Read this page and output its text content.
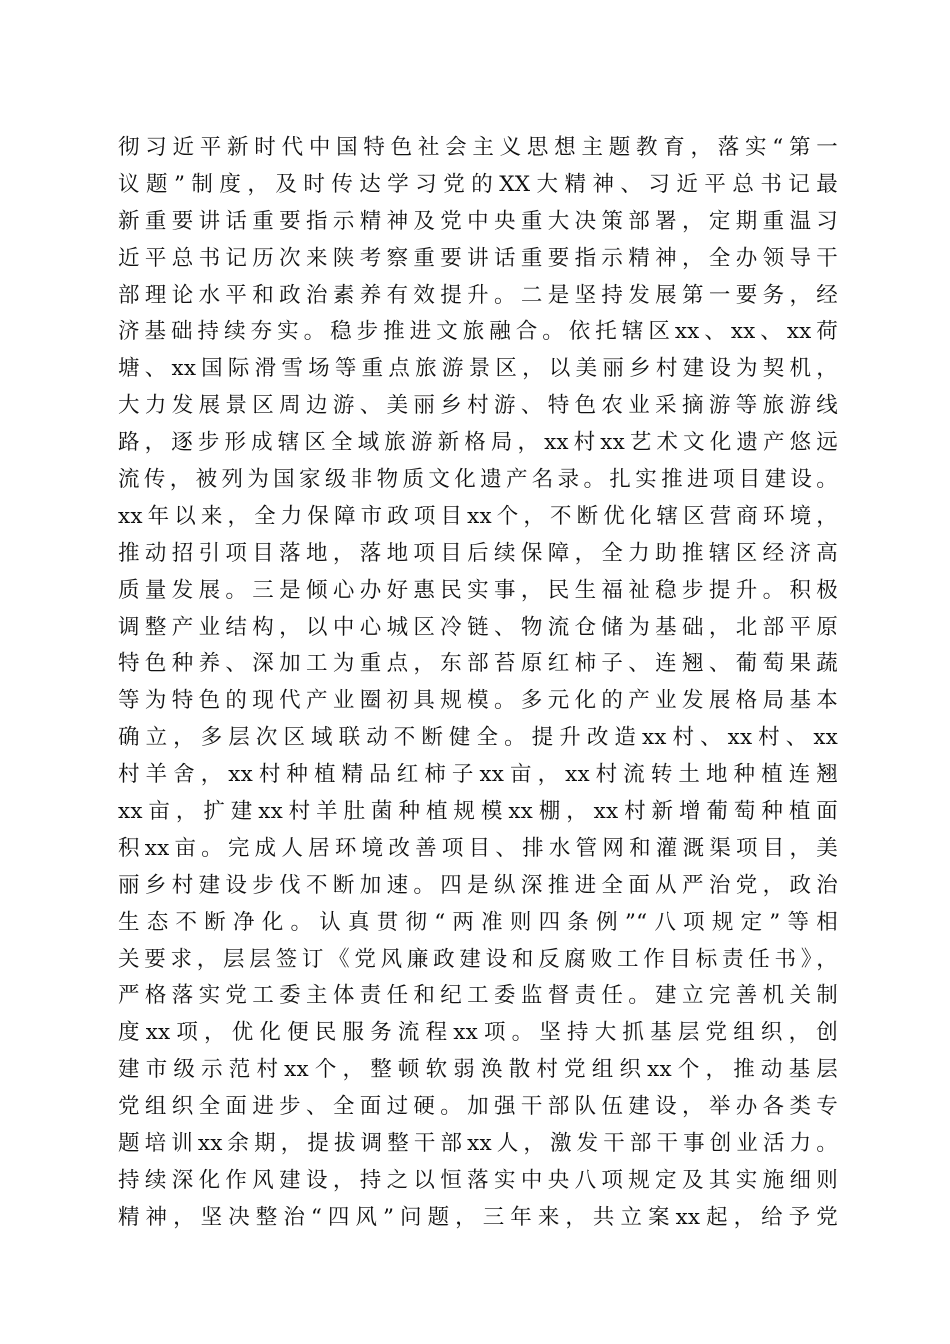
彻习近平新时代中国特色社会主义思想主题教育，落实“第一
议题”制度，及时传达学习党的XX大精神、习近平总书记最
新重要讲话重要指示精神及党中央重大决策部署，定期重温习
近平总书记历次来陕考察重要讲话重要指示精神，全办领导干
部理论水平和政治素养有效提升。二是坚持发展第一要务，经
济基础持续夯实。稳步推进文旅融合。依托辖区xx、xx、xx荷
塘、xx国际滑雪场等重点旅游景区，以美丽乡村建设为契机，
大力发展景区周边游、美丽乡村游、特色农业采摘游等旅游线
路，逐步形成辖区全域旅游新格局，xx村xx艺术文化遗产悠远
流传，被列为国家级非物质文化遗产名录。扎实推进项目建设。
xx年以来，全力保障市政项目xx个，不断优化辖区营商环境，
推动招引项目落地，落地项目后续保障，全力助推辖区经济高
质量发展。三是倾心办好惠民实事，民生福祉稳步提升。积极
调整产业结构，以中心城区冷链、物流仓储为基础，北部平原
特色种养、深加工为重点，东部苔原红柿子、连翘、葡萄果蔬
等为特色的现代产业圈初具规模。多元化的产业发展格局基本
确立，多层次区域联动不断健全。提升改造xx村、xx村、xx
村羊舍，xx村种植精品红柿子xx亩，xx村流转土地种植连翘
xx亩，扩建xx村羊肚菌种植规模xx棚，xx村新增葡萄种植面
积xx亩。完成人居环境改善项目、排水管网和灌溉渠项目，美
丽乡村建设步伐不断加速。四是纵深推进全面从严治党，政治
生态不断净化。认真贯彻“两准则四条例”“八项规定”等相
关要求，层层签订《党风廉政建设和反腐败工作目标责任书》，
严格落实党工委主体责任和纪工委监督责任。建立完善机关制
度xx项，优化便民服务流程xx项。坚持大抓基层党组织，创
建市级示范村xx个，整顿软弱涣散村党组织xx个，推动基层
党组织全面进步、全面过硬。加强干部队伍建设，举办各类专
题培训xx余期，提拔调整干部xx人，激发干部干事创业活力。
持续深化作风建设，持之以恒落实中央八项规定及其实施细则
精神，坚决整治“四风”问题，三年来，共立案xx起，给予党
